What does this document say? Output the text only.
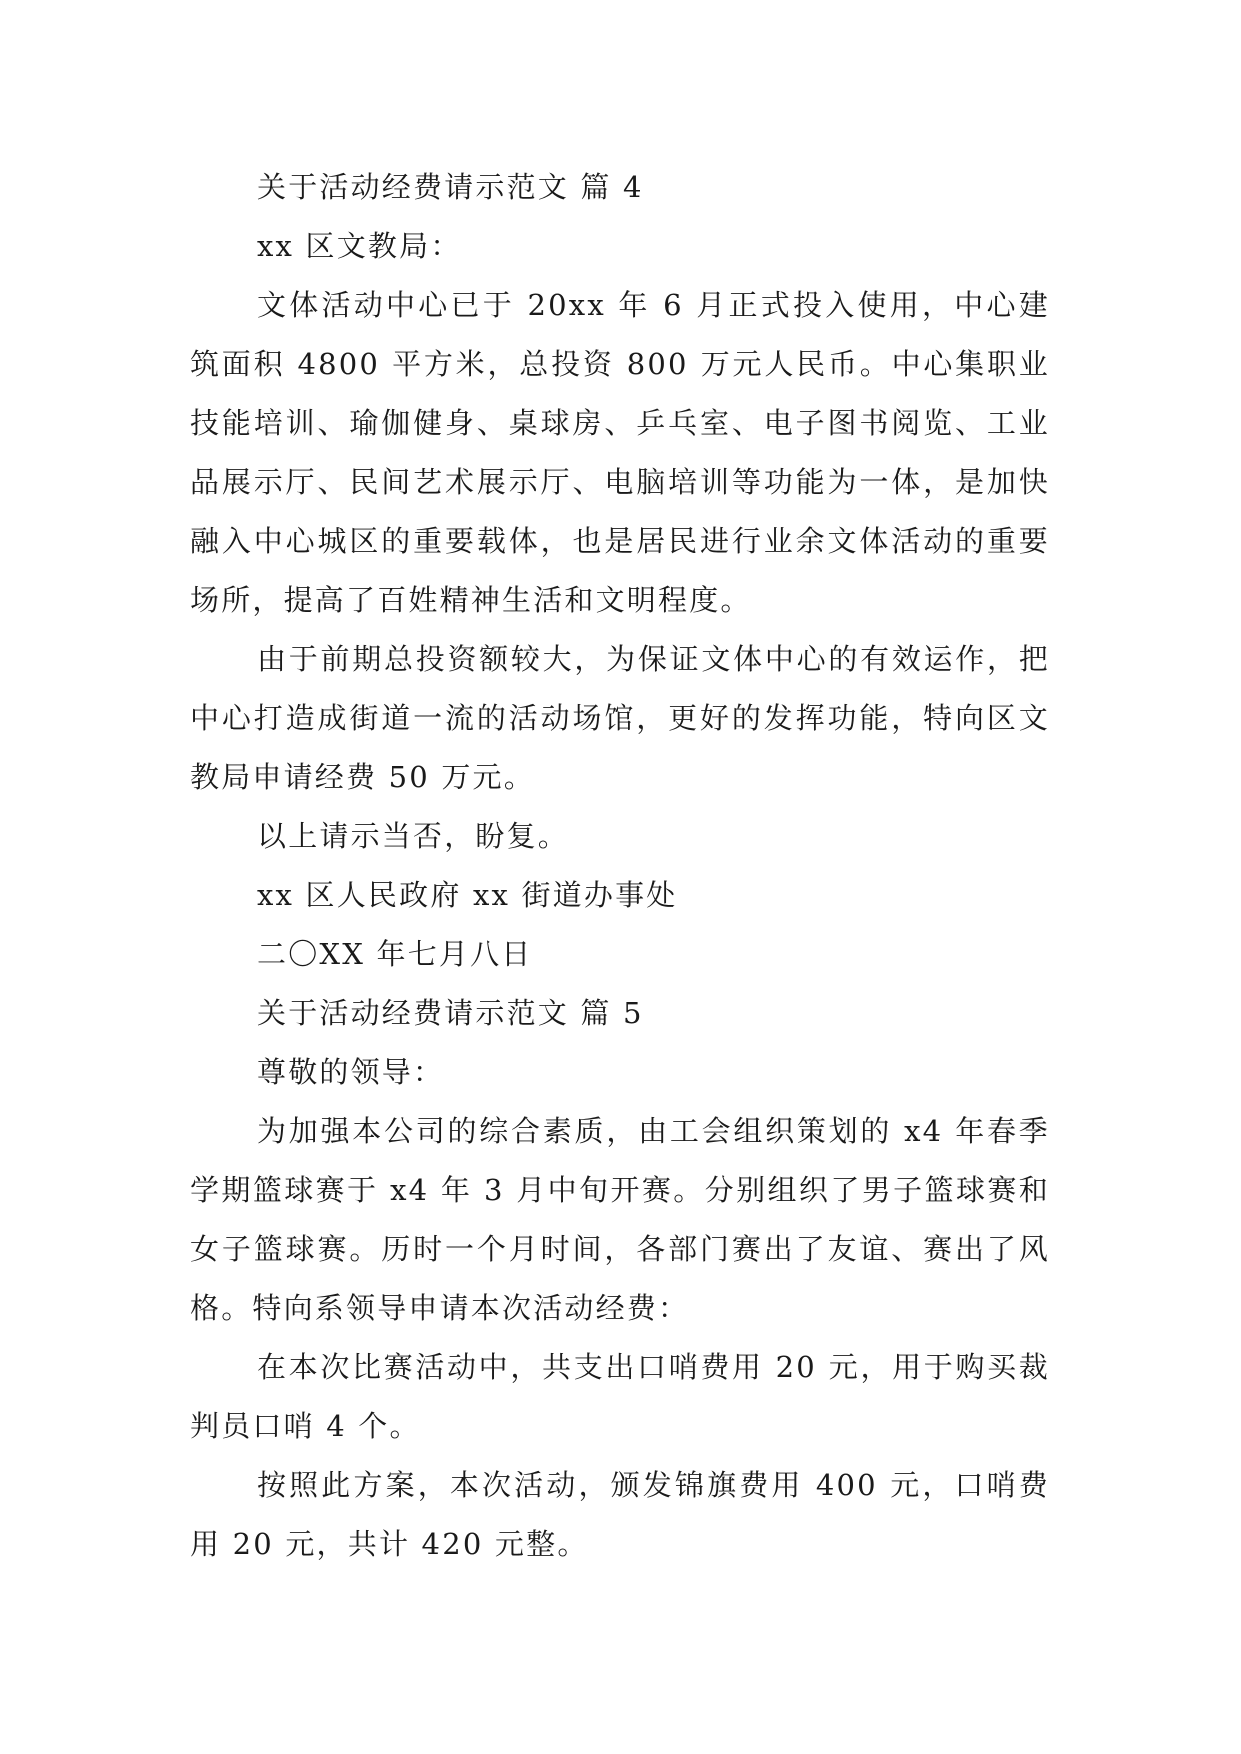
关于活动经费请示范文 篇 4

xx 区文教局：

文体活动中心已于 20xx 年 6 月正式投入使用，中心建筑面积 4800 平方米，总投资 800 万元人民币。中心集职业技能培训、瑜伽健身、桌球房、乒乓室、电子图书阅览、工业品展示厅、民间艺术展示厅、电脑培训等功能为一体，是加快融入中心城区的重要载体，也是居民进行业余文体活动的重要场所，提高了百姓精神生活和文明程度。

由于前期总投资额较大，为保证文体中心的有效运作，把中心打造成街道一流的活动场馆，更好的发挥功能，特向区文教局申请经费 50 万元。

以上请示当否，盼复。

xx 区人民政府 xx 街道办事处

二〇XX 年七月八日

关于活动经费请示范文 篇 5

尊敬的领导：

为加强本公司的综合素质，由工会组织策划的 x4 年春季学期篮球赛于 x4 年 3 月中旬开赛。分别组织了男子篮球赛和女子篮球赛。历时一个月时间，各部门赛出了友谊、赛出了风格。特向系领导申请本次活动经费：

在本次比赛活动中，共支出口哨费用 20 元，用于购买裁判员口哨 4 个。

按照此方案，本次活动，颁发锦旗费用 400 元，口哨费用 20 元，共计 420 元整。
